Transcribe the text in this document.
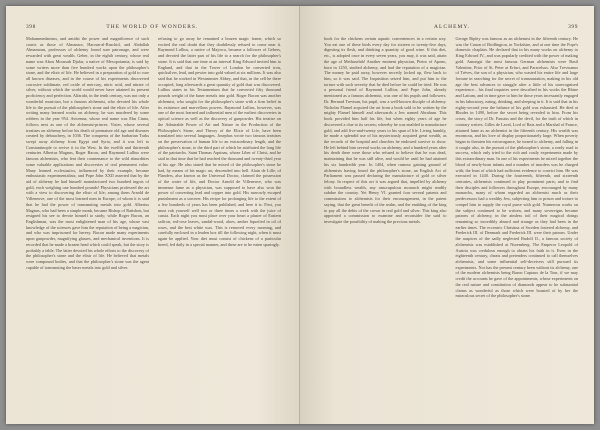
398	THE WORLD OF WONDERS.

Mohammedanism, and amidst the power and magnificence of such courts as those of Almanzor, Haroun-al-Raschid, and Abdallah Almamoun, professors of alchemy found sure patronage, and were rewarded with great wealth. Geber, in the eighth century, whose real name was Abou Moussah Djafar, a native of Mesopotamia, is said by some writers more than five hundred works upon the philosopher's stone, and the elixir of life. He believed in a preparation of gold to cure all known diseases, and in the course of his experiments discovered corrosive sublimate, red oxide of mercury, nitric acid, and nitrate of silver, without which the world would never have attained its present proficiency and perfection. Alfarabi, in the tenth century, was not only a wonderful musician, but a famous alchemist, who devoted his whole life to the pursuit of the philosopher's stone and the elixir of life. After writing many learned works on alchemy, he was murdered by some robbers in the year 954. Avicenna, whose real name was Ebn Cinna, follows next as one of the alchemist-princes. Vizier, whose several treatises on alchemy before his death of premature old age and diseases created by debauchery, in 1036. The conquests of the barbarian Turks swept away alchemy from Egypt and Syria, and it was left to Constantinople to revive it in the West. In the twelfth and thirteenth centuries Albertus Magnus, Roger Bacon, and Raymond Lullius were famous alchemists, who lent their countenance to the wild absurdities some valuable applications and discoveries of real permanent value. Many learned ecclesiastics, influenced by their example, became enthusiastic experimentalists; and Pope John XXII asserted that by the aid of alchemy he had himself manufactured two hundred ingots of gold, each weighing one hundred pounds! Physicians professed the art with a view to discovering the elixir of life; among them Arnold de Villeneuve, one of the most learned men in Europe, of whom it is said that he had the power of transmuting metals into gold. Albertus Magnus, who had been a simple monk, became Bishop of Ratisbon, but resigned his see to devote himself to study; while Roger Bacon, an Englishman, was the most enlightened man of his age, whose vast knowledge of the sciences gave him the reputation of being a magician, and who was imprisoned for heresy. Bacon made many experiments upon gunpowder, magnifying glasses, and mechanical inventions. It is recorded that he made a brazen head which could speak, but the story is probably a fable. The latter devoted his whole efforts to the discovery of the philosopher's stone and the elixir of life. He believed that metals were compound bodies, and that the philosopher's stone was the agent capable of transmuting the baser metals into gold and silver.

refusing to go away he remained a brazen magic frame, which so excited the real doubt that they doubtlessly refused to come near it. Raymond Lullius, a native of Majorca, became a follower of Gebers, and devoted the latter part of his life to a search for the philosopher's stone. It is said that one time at an interval King Edward invited him to England, and that in the Tower of London he converted iron, quicksilver, lead, and pewter into gold valued at six millions. It was also said that he worked in Westminster Abbey, and that, in the cell he there occupied, long afterwards a great quantity of gold dust was discovered. Lullius states in his Testamentum that he converted fifty thousand pounds weight of the baser metals into gold. Roger Bacon was another alchemist, who sought for the philosopher's stone with a firm belief in its existence and marvellous powers. Raymond Lullius, however, was one of the most learned and influential men of the earliest discoveries in optical science as well as the discovery of gunpowder. His treatise on the Admirable Power of Art and Nature in the Production of the Philosopher's Stone, and Theory of the Elixir of Life, have been translated into several languages. Josephus wrote two famous treatises on the preservation of human life to an extraordinary length, and the philosopher's stone, to the third part of which he attributed the long life of the patriarchs. Saint Thomas Aquinas, whose Liber of Christ, and he said in that time that he had reached the thousand and twenty-third year of his age. He also stated that he mixed of the philosopher's stone he had, by means of his magic art, descended into hell. Alain de Lille, of Flanders, also known as the Universal Doctor, claimed the possession of the water of life, and Doctor Arnold de Villeneuve, who was immense fame as a physician, was supposed to have also won the power of converting lead and copper into gold. His narrowly escaped punishment as a sorcerer. His recipe for prolonging life to the extent of a few hundreds of years has been published, and here it is: First, you must rub yourself well two or three times a week with the juice of cassia. Each night you must place over your heart a plaster of Eastern saffron, red-rose leaves, sandal-wood, aloes, amber liquefied in oil of roses, and the best white wax. This is removed every morning, and carefully enclosed in a leaden box till the following night, when it must again be applied. Your diet must consist of chickens of a particular breed, fed daily in a special manner, and these are to be eaten sparingly.

ALCHEMY.	399

book for the chickens certain aquatic conveniences in a certain way. You eat one of these birds every day for sixteen or twenty-five days, digesting its flesh, and drinking a quantity of good wine. If this diet, etc., is adopted once in every seven years, you may, it was said, attain the age of Methuselah! Another eminent physician, Pietro of Apono, born in 1250, studied alchemy, and had the reputation of a magician. The money he paid away, however secretly locked up, flew back to him, so it was said. The Inquisition seized him, and put him to the torture with such severity that he died before he could be tried. He was a personal friend of Raymond Lullius; and Pope John, already mentioned as a famous alchemist, was one of his pupils and followers. Dr. Bernard Trevisan, his pupil, was a well-known disciple of alchemy. Nicholas Flamel acquired the art from a book sold to be written by the mighty Flamel himself and afterwards a Jew named Abraham. This book provided him half his life, but when eighty years of age he discovered a clue to its secrets; whereby he was enabled to manufacture gold, and add five-and-twenty years to his span of life. Living humbly, he made a splendid use of his mysteriously acquired great wealth, as the records of the hospital and churches he endowed survive to show. He left behind him several works on alchemy; and a hundred years after his death there were those who refused to believe that he was dead, maintaining that he was still alive, and would be until he had attained his six hundredth year. In 1404, when rumour gaining ground of alchemists having found the philosopher's stone, an English Act of Parliament was passed declaring the manufacture of gold or silver felony. In respect of this act it was argued that, impelled by alchemy with boundless wealth, any unscrupulous monarch might readily subdue the country. Yet Henry VI. granted four several patents and commissions to alchemists for their encouragement, in the patent saying, that the great benefit of the realm, and the enabling of the king to pay all the debts of the crown in real gold and silver. This king also appointed a commission to examine and reconsider the said to investigate the possibility of making the precious metals.

George Ripley was famous as an alchemist in the fifteenth century. He was the Canon of Bridlington, in Yorkshire, and at one time the Pope's domestic chaplain. He declared that in his many works on alchemy to King Edward IV., and was popularly credited with the power of making gold. Amongst the most famous German alchemists were Basil Valentine, Prior of St. Peter at Erfurt, and Paracelsus. Also Trevisanus of Trèves, the son of a physician, who wasted his entire life and large fortune in searching for the secret of transmutation, making in his old age the best advances to struggle after a little of his unrecognised experience... his final inquiries were described in his works the Rhine and Latium, and in time gave to him be those years incessantly engaged in his laboratory, eating, drinking, and sleeping in it. It is said that in his eighty-second year the balance of his gold was exhausted. He died at Rhodes in 1490, before the secret being revealed to him. From his crises, the story of Dr. Faustus and the devil, for the truth of which in contrary writers. Gilles de Laval, Lord of Raiz and a Marshal of France, attained fame as an alchemist in the fifteenth century. His wealth was enormous, and his love of display proportionately large. When poverty began to threaten his extravagance, he turned to alchemy, and falling in it sought also, in the pursuit of the philosopher's stone, a ready road to success, which only tried to the rich and costly experiments made by this extraordinary man. In one of his experiments he mixed together the blood of newly-born infants and a number of murders was he charged with; the least of which had sufficient evidence to convict him. He was executed in 1440. During the fourteenth, fifteenth, and sixteenth centuries, alchemists continued to play prominent parts; and to find their disciples and followers throughout Europe, encouraged by many monarchs, many of whom regarded an alchemist much as their predecessors had a wealthy Jew, subjecting him to prison and torture to compel him to supply the royal purse with gold. Numerous works on the subject continued to be written, and many sovereigns became patrons of alchemy, in the aimless toil of their magical doings remaining so incredibly absurd and strange as they had been in the earlier times. The eccentric Christina of Sweden fostered alchemy, and Frederick III. of Denmark and Frederick III. were their patrons. Under the auspices of the sadly neglected Rudolf II., a famous society of alchemists was established at Nuremberg. The Emperor Leopold of Austria was credulous enough to obtain his faith in it. Even in the eighteenth century, cheats and pretenders continued to call themselves alchemists, and some influential self-deceivers still pursued its experiments. Nor has the present century been without its alchemy, one of the modern alchemists being Baron Captaux de la Tour, if we may credit the accounts he gave of the appointments, whose experiments on the real nature and constitution of diamonds appear to be substantial claims as wonderful as those which were boasted of by her the miraculous secret of the philosopher's stone.
